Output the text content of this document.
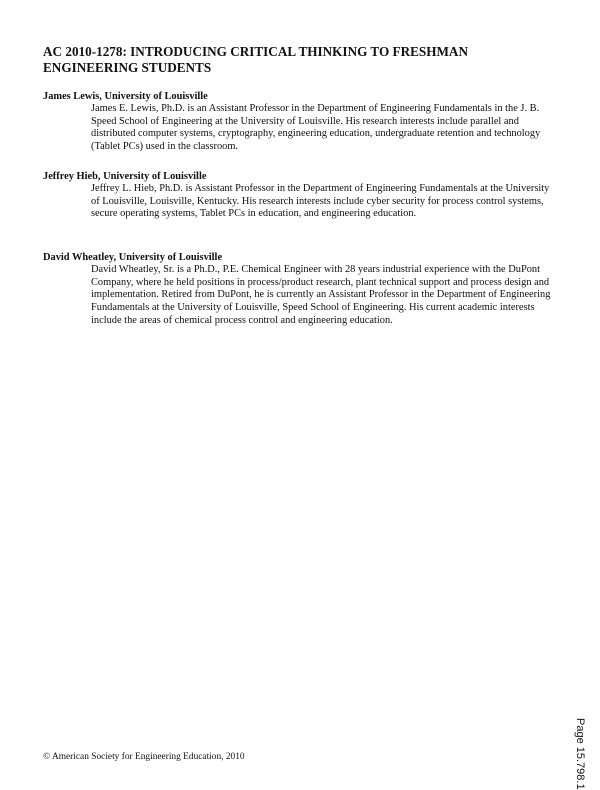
AC 2010-1278: INTRODUCING CRITICAL THINKING TO FRESHMAN ENGINEERING STUDENTS

James Lewis, University of Louisville

James E. Lewis, Ph.D. is an Assistant Professor in the Department of Engineering Fundamentals in the J. B. Speed School of Engineering at the University of Louisville. His research interests include parallel and distributed computer systems, cryptography, engineering education, undergraduate retention and technology (Tablet PCs) used in the classroom.

Jeffrey Hieb, University of Louisville

Jeffrey L. Hieb, Ph.D. is Assistant Professor in the Department of Engineering Fundamentals at the University of Louisville, Louisville, Kentucky. His research interests include cyber security for process control systems, secure operating systems, Tablet PCs in education, and engineering education.

David Wheatley, University of Louisville

David Wheatley, Sr. is a Ph.D., P.E. Chemical Engineer with 28 years industrial experience with the DuPont Company, where he held positions in process/product research, plant technical support and process design and implementation. Retired from DuPont, he is currently an Assistant Professor in the Department of Engineering Fundamentals at the University of Louisville, Speed School of Engineering. His current academic interests include the areas of chemical process control and engineering education.

Page 15.798.1

© American Society for Engineering Education, 2010
